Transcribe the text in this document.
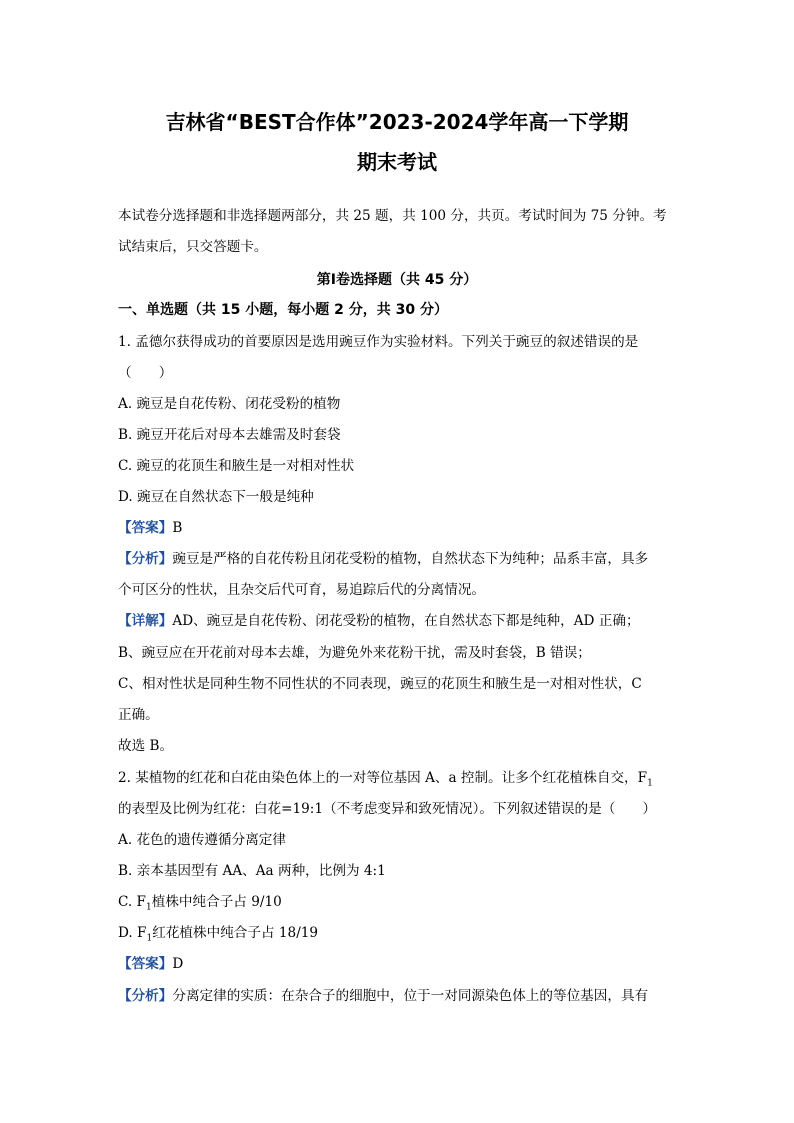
吉林省“BEST合作体”2023-2024学年高一下学期
期末考试
本试卷分选择题和非选择题两部分，共 25 题，共 100 分，共页。考试时间为 75 分钟。考
试结束后，只交答题卡。
第Ⅰ卷选择题（共 45 分）
一、单选题（共 15 小题，每小题 2 分，共 30 分）
1. 孟德尔获得成功的首要原因是选用豌豆作为实验材料。下列关于豌豆的叙述错误的是
（　　）
A. 豌豆是自花传粉、闭花受粉的植物
B. 豌豆开花后对母本去雄需及时套袋
C. 豌豆的花顶生和腋生是一对相对性状
D. 豌豆在自然状态下一般是纯种
【答案】B
【分析】豌豆是严格的自花传粉且闭花受粉的植物，自然状态下为纯种；品系丰富，具多
个可区分的性状，且杂交后代可育，易追踪后代的分离情况。
【详解】AD、豌豆是自花传粉、闭花受粉的植物，在自然状态下都是纯种，AD 正确；
B、豌豆应在开花前对母本去雄，为避免外来花粉干扰，需及时套袋，B 错误；
C、相对性状是同种生物不同性状的不同表现，豌豆的花顶生和腋生是一对相对性状，C
正确。
故选 B。
2. 某植物的红花和白花由染色体上的一对等位基因 A、a 控制。让多个红花植株自交，$F_1$
的表型及比例为红花：白花=19:1（不考虑变异和致死情况）。下列叙述错误的是（　　）
A. 花色的遗传遵循分离定律
B. 亲本基因型有 AA、Aa 两种，比例为 4:1
C. $F_1$植株中纯合子占 9/10
D. $F_1$红花植株中纯合子占 18/19
【答案】D
【分析】分离定律的实质：在杂合子的细胞中，位于一对同源染色体上的等位基因，具有
